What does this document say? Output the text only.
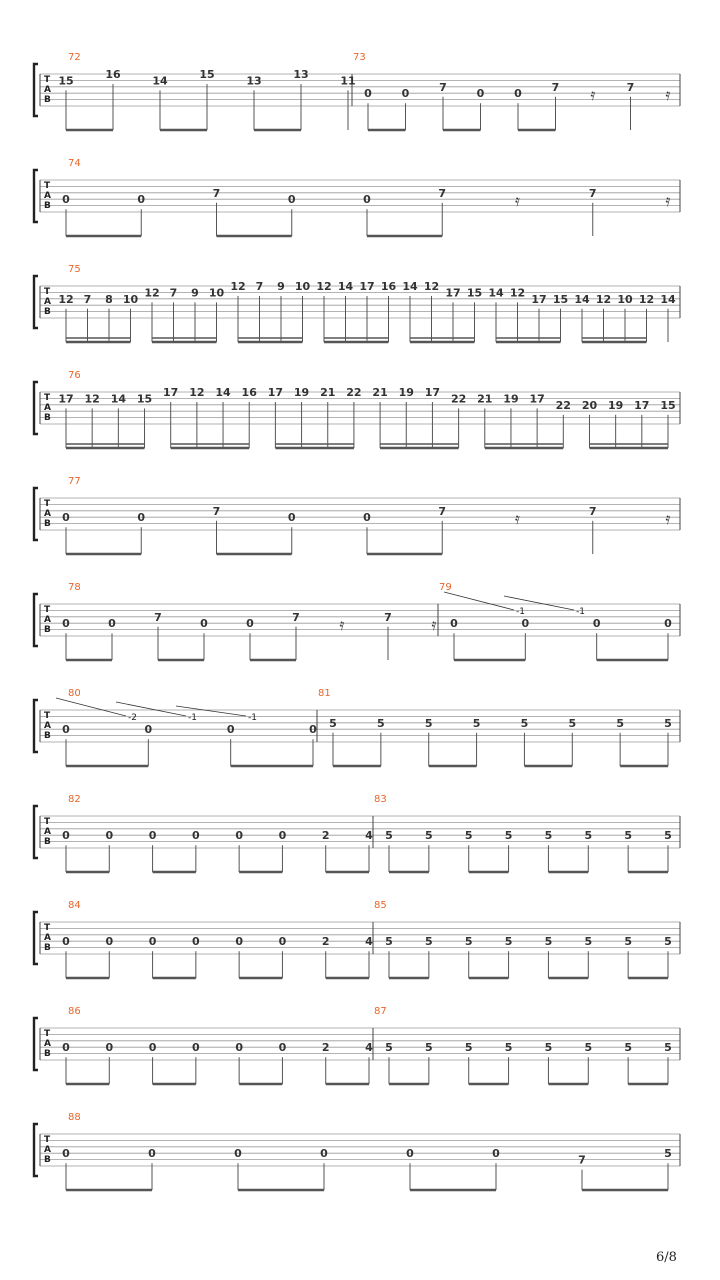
T
A
B
72
15	16	14	15	13	13	11
73
0	0	7	0	0	7 𝄿	7 𝄿
T
A
B
74
0	0	7	0	0	7	𝄿	7	𝄿
T
A
B
75
12 7 8 10 12 7 9 10 12 7 9 10 12 14 17 16 14 12 17 15 14 12 17 15 14 12 10 12 14
T
A
B
76
17 12 14 15 17 12 14 16 17 19 21 22 21 19 17 22 21 19 17 22 20 19 17 15
T
A
B
77
0	0	7	0	0	7	𝄿	7	𝄿
T
A
B
78
0	0	7	0	0	7 𝄿	7 𝄿
79
0	0	0	0
-1	-1
T
A
B
80
0	0	0	0
-2	-1	-1
81
5	5	5	5	5	5	5	5
T
A
B
82
0	0	0	0	0	0	2	4
83
5	5	5	5	5	5	5	5
T
A
B
84
0	0	0	0	0	0	2	4
85
5	5	5	5	5	5	5	5
T
A
B
86
0	0	0	0	0	0	2	4
87
5	5	5	5	5	5	5	5
T
A
B
88
0	0	0	0	0	0	7	5
6/8
